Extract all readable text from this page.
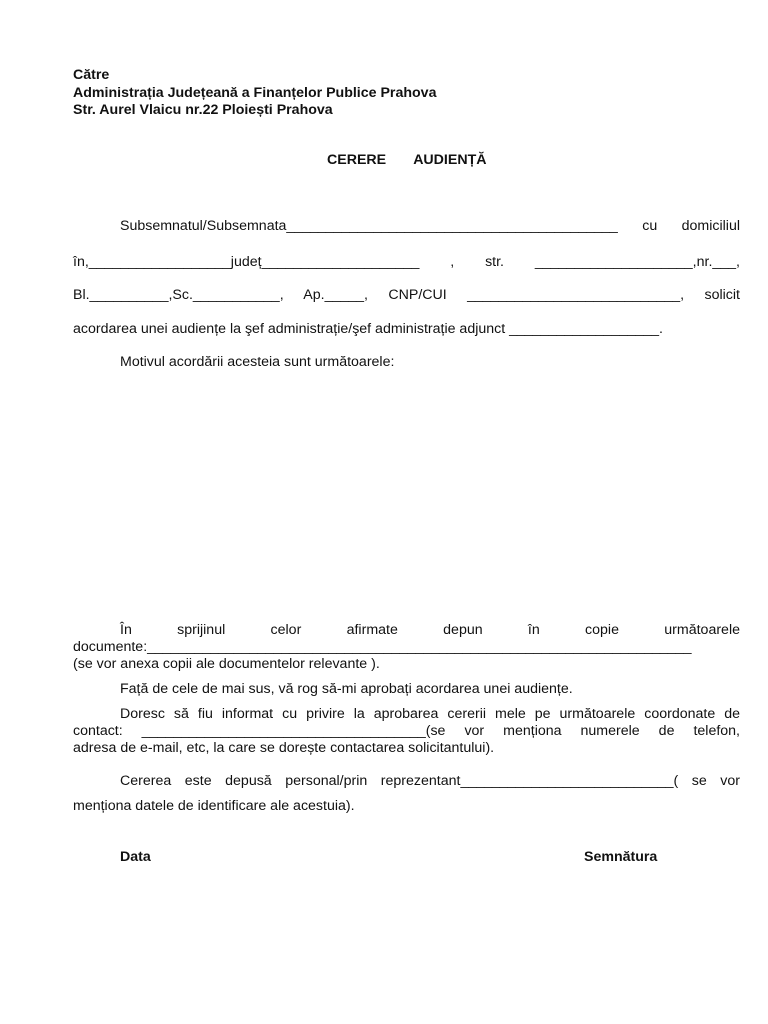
Către
Administrația Județeană a Finanțelor Publice Prahova
Str. Aurel Vlaicu nr.22 Ploiești Prahova
CERERE       AUDIENȚĂ
Subsemnatul/Subsemnata__________________________________________ cu domiciliul
în,__________________județ____________________ , str. ____________________,nr.___,
Bl.__________,Sc.___________, Ap._____, CNP/CUI ___________________________, solicit
acordarea unei audiențe la şef administrație/şef administrație adjunct ___________________.
Motivul acordării acesteia sunt următoarele:
În sprijinul celor afirmate depun în copie următoarele
documente:_____________________________________________________________________
(se vor anexa copii ale documentelor relevante ).
Față de cele de mai sus, vă rog să-mi aprobați acordarea unei audiențe.
Doresc să fiu informat cu privire la aprobarea cererii mele pe următoarele coordonate de
contact: ____________________________________(se vor menționa numerele de telefon,
adresa de e-mail, etc, la care se dorește contactarea solicitantului).
Cererea este depusă personal/prin reprezentant___________________________( se vor
menționa datele de identificare ale acestuia).
Data	Semnătura
